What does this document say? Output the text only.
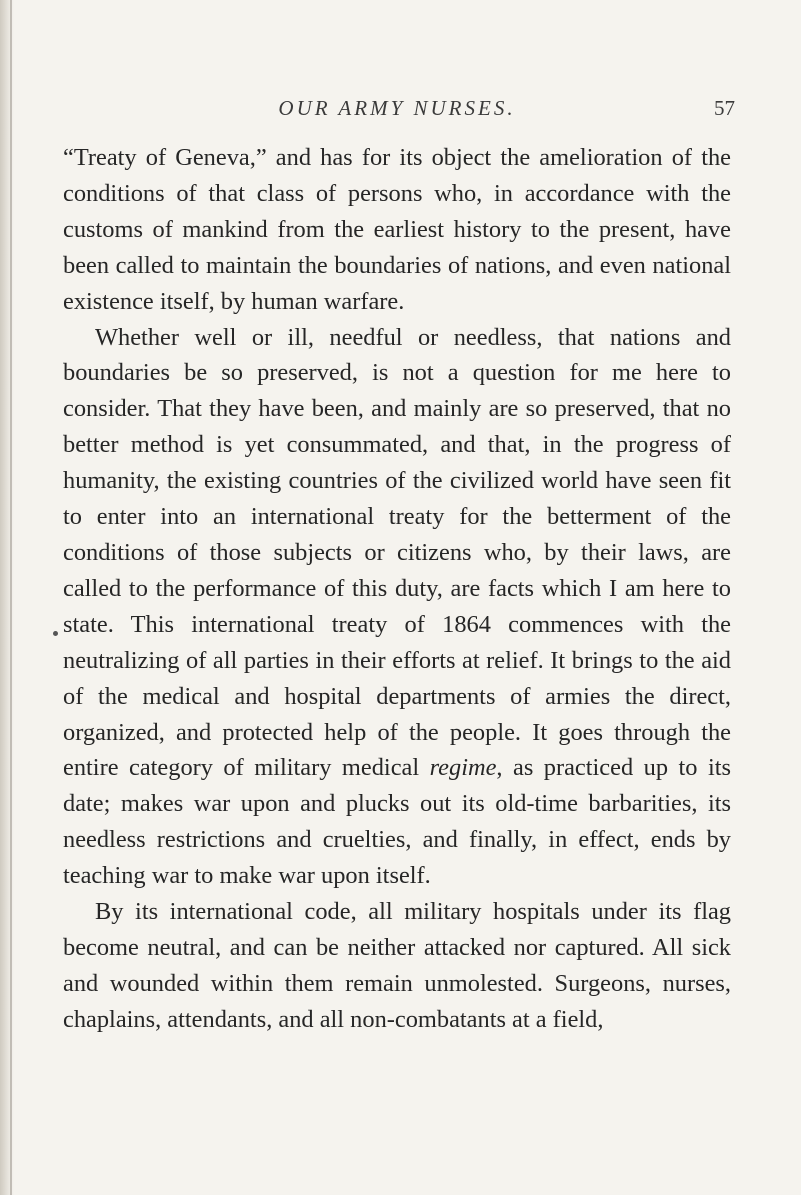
OUR ARMY NURSES.	57

“Treaty of Geneva,” and has for its object the amelioration of the conditions of that class of persons who, in accordance with the customs of mankind from the earliest history to the present, have been called to maintain the boundaries of nations, and even national existence itself, by human warfare.

Whether well or ill, needful or needless, that nations and boundaries be so preserved, is not a question for me here to consider. That they have been, and mainly are so preserved, that no better method is yet consummated, and that, in the progress of humanity, the existing countries of the civilized world have seen fit to enter into an international treaty for the betterment of the conditions of those subjects or citizens who, by their laws, are called to the performance of this duty, are facts which I am here to state. This international treaty of 1864 commences with the neutralizing of all parties in their efforts at relief. It brings to the aid of the medical and hospital departments of armies the direct, organized, and protected help of the people. It goes through the entire category of military medical regime, as practiced up to its date; makes war upon and plucks out its old-time barbarities, its needless restrictions and cruelties, and finally, in effect, ends by teaching war to make war upon itself.

By its international code, all military hospitals under its flag become neutral, and can be neither attacked nor captured. All sick and wounded within them remain unmolested. Surgeons, nurses, chaplains, attendants, and all non-combatants at a field,
